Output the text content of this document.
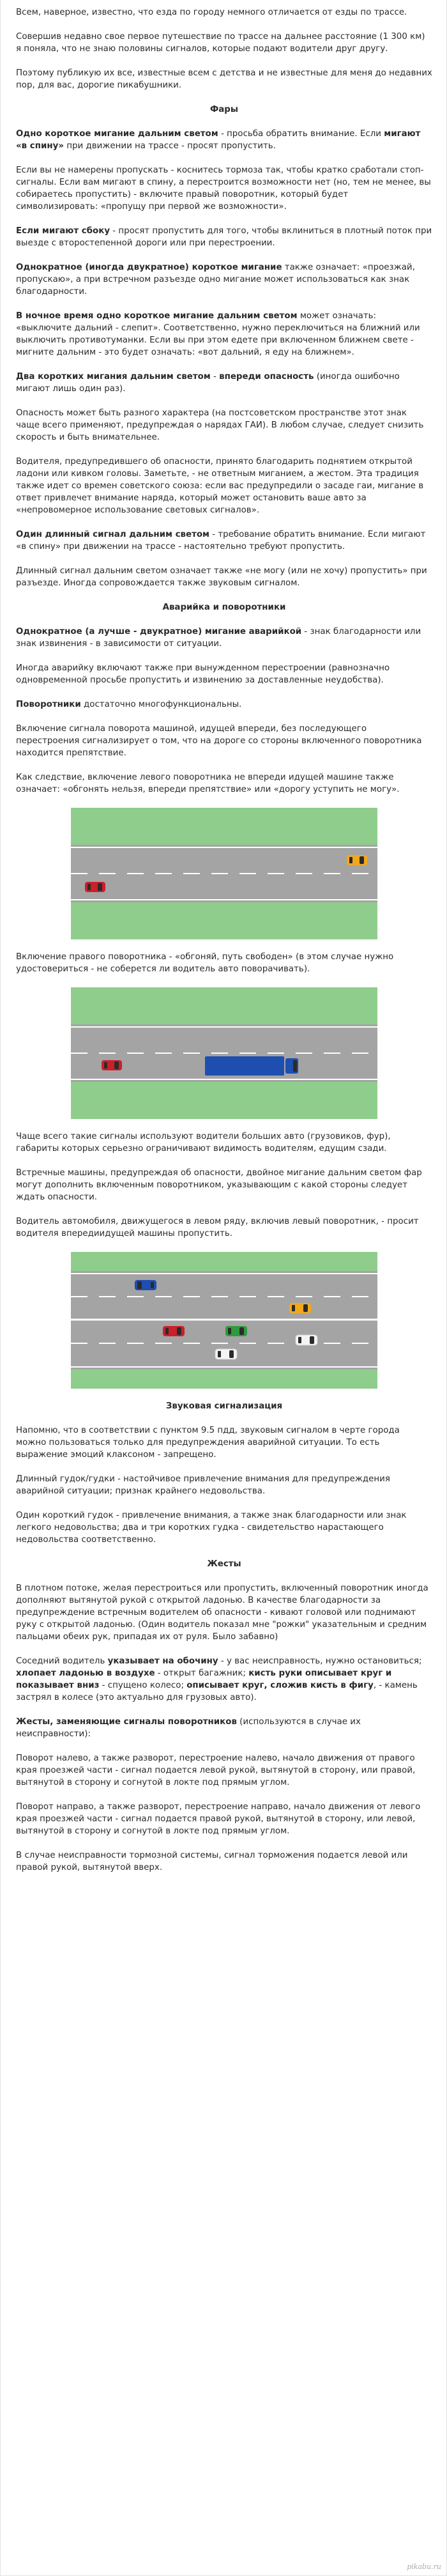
Всем, наверное, известно, что езда по городу немного отличается от езды по трассе.

Совершив недавно свое первое путешествие по трассе на дальнее расстояние (1 300 км) я поняла, что не знаю половины сигналов, которые подают водители друг другу.

Поэтому публикую их все, известные всем с детства и не известные для меня до недавних пор, для вас, дорогие пикабушники.

Фары

Одно короткое мигание дальним светом - просьба обратить внимание. Если мигают «в спину» при движении на трассе - просят пропустить.

Если вы не намерены пропускать - коснитесь тормоза так, чтобы кратко сработали стоп-сигналы. Если вам мигают в спину, а перестроится возможности нет (но, тем не менее, вы собираетесь пропустить) - включите правый поворотник, который будет символизировать: «пропущу при первой же возможности».

Если мигают сбоку - просят пропустить для того, чтобы вклиниться в плотный поток при выезде с второстепенной дороги или при перестроении.

Однократное (иногда двукратное) короткое мигание также означает: «проезжай, пропускаю», а при встречном разъезде одно мигание может использоваться как знак благодарности.

В ночное время одно короткое мигание дальним светом может означать: «выключите дальний - слепит». Соответственно, нужно переключиться на ближний или выключить противотуманки. Если вы при этом едете при включенном ближнем свете - мигните дальним - это будет означать: «вот дальний, я еду на ближнем».

Два коротких мигания дальним светом - впереди опасность (иногда ошибочно мигают лишь один раз).

Опасность может быть разного характера (на постсоветском пространстве этот знак чаще всего применяют, предупреждая о нарядах ГАИ). В любом случае, следует снизить скорость и быть внимательнее.

Водителя, предупредившего об опасности, принято благодарить поднятием открытой ладони или кивком головы. Заметьте, - не ответным миганием, а жестом. Эта традиция также идет со времен советского союза: если вас предупредили о засаде гаи, мигание в ответ привлечет внимание наряда, который может остановить ваше авто за «непровомерное использование световых сигналов».

Один длинный сигнал дальним светом - требование обратить внимание. Если мигают «в спину» при движении на трассе - настоятельно требуют пропустить.

Длинный сигнал дальним светом означает также «не могу (или не хочу) пропустить» при разъезде. Иногда сопровождается также звуковым сигналом.

Аварийка и поворотники

Однократное (а лучше - двукратное) мигание аварийкой - знак благодарности или знак извинения - в зависимости от ситуации.

Иногда аварийку включают также при вынужденном перестроении (равнозначно одновременной просьбе пропустить и извинению за доставленные неудобства).

Поворотники достаточно многофункциональны.

Включение сигнала поворота машиной, идущей впереди, без последующего перестроения сигнализирует о том, что на дороге со стороны включенного поворотника находится препятствие.

Как следствие, включение левого поворотника не впереди идущей машине также означает: «обгонять нельзя, впереди препятствие» или «дорогу уступить не могу».

Включение правого поворотника - «обгоняй, путь свободен» (в этом случае нужно удостовериться - не соберется ли водитель авто поворачивать).

Чаще всего такие сигналы используют водители больших авто (грузовиков, фур), габариты которых серьезно ограничивают видимость водителям, едущим сзади.

Встречные машины, предупреждая об опасности, двойное мигание дальним светом фар могут дополнить включенным поворотником, указывающим с какой стороны следует ждать опасности.

Водитель автомобиля, движущегося в левом ряду, включив левый поворотник, - просит водителя впередиидущей машины пропустить.

Звуковая сигнализация

Напомню, что в соответствии с пунктом 9.5 пдд, звуковым сигналом в черте города можно пользоваться только для предупреждения аварийной ситуации. То есть выражение эмоций клаксоном - запрещено.

Длинный гудок/гудки - настойчивое привлечение внимания для предупреждения аварийной ситуации; признак крайнего недовольства.

Один короткий гудок - привлечение внимания, а также знак благодарности или знак легкого недовольства; два и три коротких гудка - свидетельство нарастающего недовольства соответственно.

Жесты

В плотном потоке, желая перестроиться или пропустить, включенный поворотник иногда дополняют вытянутой рукой с открытой ладонью. В качестве благодарности за предупреждение встречным водителем об опасности - кивают головой или поднимают руку с открытой ладонью. (Один водитель показал мне "рожки" указательным и средним пальцами обеих рук, припадая их от руля. Было забавно)

Соседний водитель указывает на обочину - у вас неисправность, нужно остановиться; хлопает ладонью в воздухе - открыт багажник; кисть руки описывает круг и показывает вниз - спущено колесо; описывает круг, сложив кисть в фигу, - камень застрял в колесе (это актуально для грузовых авто).

Жесты, заменяющие сигналы поворотников (используются в случае их неисправности):

Поворот налево, а также разворот, перестроение налево, начало движения от правого края проезжей части - сигнал подается левой рукой, вытянутой в сторону, или правой, вытянутой в сторону и согнутой в локте под прямым углом.

Поворот направо, а также разворот, перестроение направо, начало движения от левого края проезжей части - сигнал подается правой рукой, вытянутой в сторону, или левой, вытянутой в сторону и согнутой в локте под прямым углом.

В случае неисправности тормозной системы, сигнал торможения подается левой или правой рукой, вытянутой вверх.

pikabu.ru
